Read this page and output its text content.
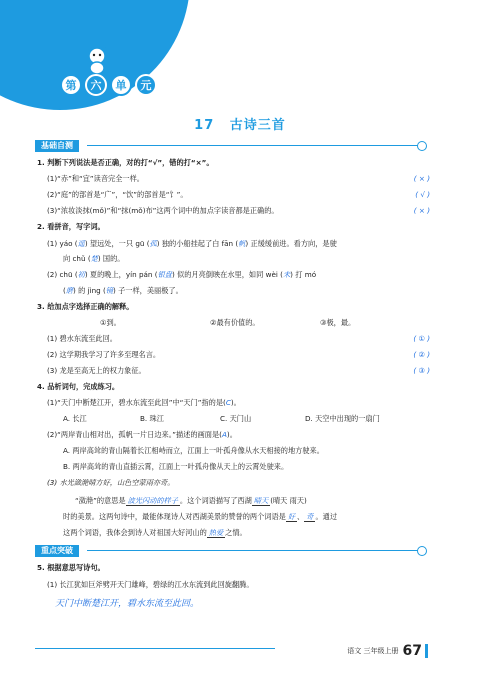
第	六	单	元
17 古诗三首
基础自测
1. 判断下列说法是否正确，对的打“√”，错的打“×”。
(1)“赤”和“宜”读音完全一样。	( × )
(2)“庭”的部首是“广”，“饮”的部首是“饣”。	( √ )
(3)“浓妆淡抹(mǒ)”和“抹(mǒ)布”这两个词中的加点字读音都是正确的。	( × )
2. 看拼音，写字词。
(1) yáo (遥) 望远处，一只 gū (孤) 独的小船挂起了白 fān (帆) 正缓缓前进。看方向，是驶
向 chǔ (楚) 国的。
(2) chū (初) 夏的晚上，yín pán (银盘) 似的月亮倒映在水里，如同 wèi (未) 打 mó
(磨) 的 jìng (镜) 子一样，美丽极了。
3. 给加点字选择正确的解释。
①到。	②最有价值的。	③极，最。
(1) 碧水东流至此回。	( ① )
(2) 这学期我学习了许多至理名言。	( ② )
(3) 龙是至高无上的权力象征。	( ③ )
4. 品析词句，完成练习。
(1)“天门中断楚江开，碧水东流至此回”中“天门”指的是(C)。
A. 长江	B. 珠江	C. 天门山	D. 天空中出现的一扇门
(2)“两岸青山相对出，孤帆一片日边来。”描述的画面是(A)。
A. 两岸高耸的青山隔着长江相峙而立，江面上一叶孤舟像从水天相接的地方驶来。
B. 两岸高耸的青山直插云霄，江面上一叶孤舟像从天上的云霄处驶来。
(3) 水光潋滟晴方好，山色空蒙雨亦奇。
“潋滟”的意思是 波光闪动的样子 。这个词语描写了西湖 晴天 (晴天 雨天)
时的美景。这两句诗中，最能体现诗人对西湖美景的赞誉的两个词语是 好 、 奇 。通过
这两个词语，我体会到诗人对祖国大好河山的 热爱 之情。
重点突破
5. 根据意思写诗句。
(1) 长江犹如巨斧劈开天门雄峰，碧绿的江水东流到此回旋翻腾。
天门中断楚江开，碧水东流至此回。
语文 三年级上册 67
